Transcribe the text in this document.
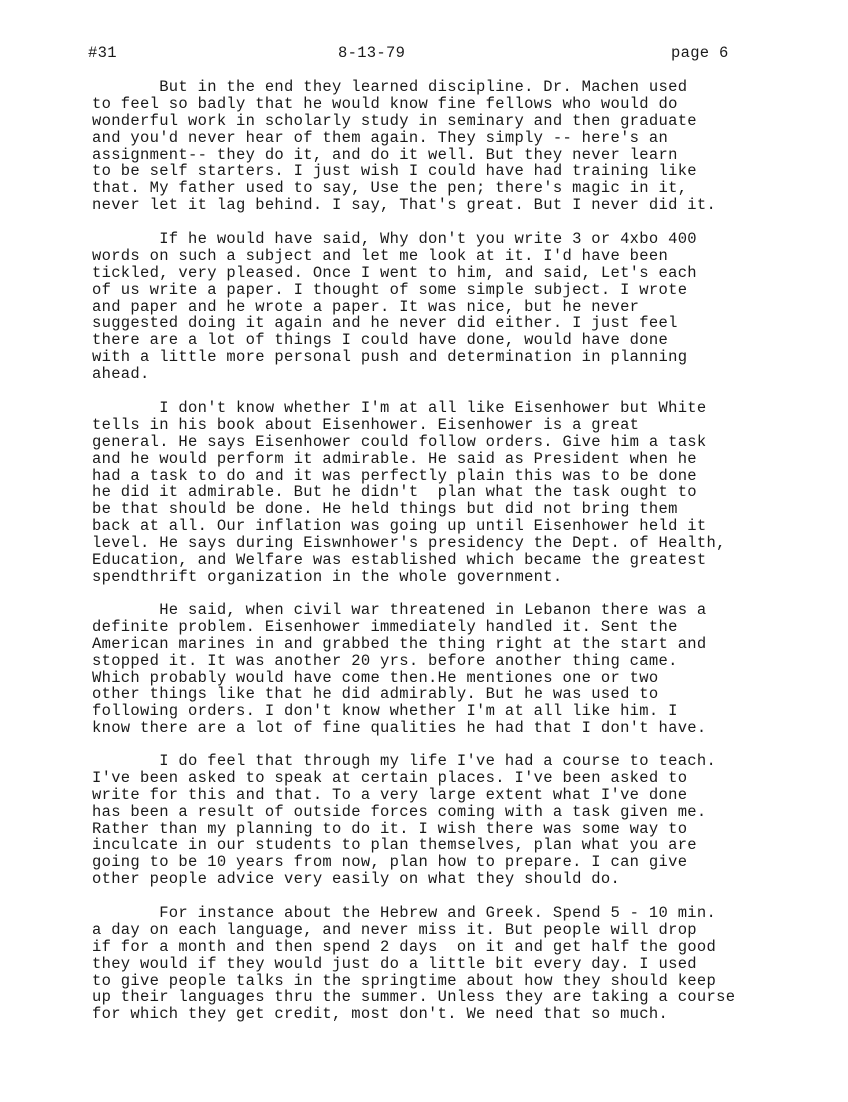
#31	8-13-79	page 6
But in the end they learned discipline. Dr. Machen used
to feel so badly that he would know fine fellows who would do
wonderful work in scholarly study in seminary and then graduate
and you'd never hear of them again. They simply -- here's an
assignment-- they do it, and do it well. But they never learn
to be self starters. I just wish I could have had training like
that. My father used to say, Use the pen; there's magic in it,
never let it lag behind. I say, That's great. But I never did it.
If he would have said, Why don't you write 3 or 4xbo 400
words on such a subject and let me look at it. I'd have been
tickled, very pleased. Once I went to him, and said, Let's each
of us write a paper. I thought of some simple subject. I wrote
and paper and he wrote a paper. It was nice, but he never
suggested doing it again and he never did either. I just feel
there are a lot of things I could have done, would have done
with a little more personal push and determination in planning
ahead.
I don't know whether I'm at all like Eisenhower but White
tells in his book about Eisenhower. Eisenhower is a great
general. He says Eisenhower could follow orders. Give him a task
and he would perform it admirable. He said as President when he
had a task to do and it was perfectly plain this was to be done
he did it admirable. But he didn't  plan what the task ought to
be that should be done. He held things but did not bring them
back at all. Our inflation was going up until Eisenhower held it
level. He says during Eiswnhower's presidency the Dept. of Health,
Education, and Welfare was established which became the greatest
spendthrift organization in the whole government.
He said, when civil war threatened in Lebanon there was a
definite problem. Eisenhower immediately handled it. Sent the
American marines in and grabbed the thing right at the start and
stopped it. It was another 20 yrs. before another thing came.
Which probably would have come then.He mentiones one or two
other things like that he did admirably. But he was used to
following orders. I don't know whether I'm at all like him. I
know there are a lot of fine qualities he had that I don't have.
I do feel that through my life I've had a course to teach.
I've been asked to speak at certain places. I've been asked to
write for this and that. To a very large extent what I've done
has been a result of outside forces coming with a task given me.
Rather than my planning to do it. I wish there was some way to
inculcate in our students to plan themselves, plan what you are
going to be 10 years from now, plan how to prepare. I can give
other people advice very easily on what they should do.
For instance about the Hebrew and Greek. Spend 5 - 10 min.
a day on each language, and never miss it. But people will drop
if for a month and then spend 2 days  on it and get half the good
they would if they would just do a little bit every day. I used
to give people talks in the springtime about how they should keep
up their languages thru the summer. Unless they are taking a course
for which they get credit, most don't. We need that so much.
